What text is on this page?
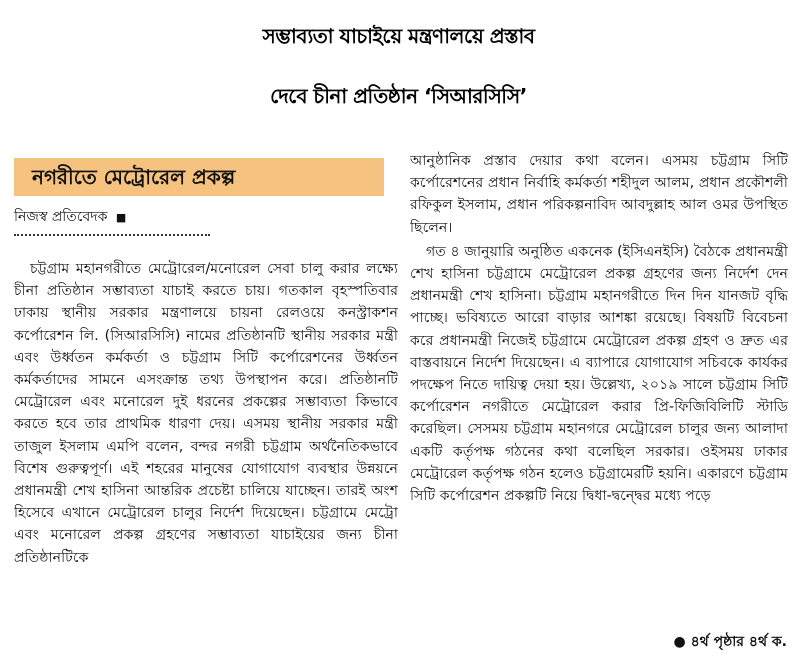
সম্ভাব্যতা যাচাইয়ে মন্ত্রণালয়ে প্রস্তাব
দেবে চীনা প্রতিষ্ঠান ‘সিআরসিসি’
নগরীতে মেট্রোরেল প্রকল্প
নিজস্ব প্রতিবেদক ■

চট্টগ্রাম মহানগরীতে মেট্রোরেল/মনোরেল সেবা চালু করার লক্ষ্যে চীনা প্রতিষ্ঠান সম্ভাব্যতা যাচাই করতে চায়। গতকাল বৃহস্পতিবার ঢাকায় স্থানীয় সরকার মন্ত্রণালয়ে চায়না রেলওয়ে কনস্ট্রাকশন কর্পোরেশন লি. (সিআরসিসি) নামের প্রতিষ্ঠানটি স্থানীয় সরকার মন্ত্রী এবং উর্ধ্বতন কর্মকর্তা ও চট্টগ্রাম সিটি কর্পোরেশনের উর্ধ্বতন কর্মকর্তাদের সামনে এসংক্রান্ত তথ্য উপস্থাপন করে। প্রতিষ্ঠানটি মেট্রোরেল এবং মনোরেল দুই ধরনের প্রকল্পের সম্ভাব্যতা কিভাবে করতে হবে তার প্রাথমিক ধারণা দেয়। এসময় স্থানীয় সরকার মন্ত্রী তাজুল ইসলাম এমপি বলেন, বন্দর নগরী চট্টগ্রাম অর্থনৈতিকভাবে বিশেষ গুরুত্বপূর্ণ। এই শহরের মানুষের যোগাযোগ ব্যবস্থার উন্নয়নে প্রধানমন্ত্রী শেখ হাসিনা আন্তরিক প্রচেষ্টা চালিয়ে যাচ্ছেন। তারই অংশ হিসেবে এখানে মেট্রোরেল চালুর নির্দেশ দিয়েছেন। চট্টগ্রামে মেট্রো এবং মনোরেল প্রকল্প গ্রহণের সম্ভাব্যতা যাচাইয়ের জন্য চীনা প্রতিষ্ঠানটিকে

আনুষ্ঠানিক প্রস্তাব দেয়ার কথা বলেন। এসময় চট্টগ্রাম সিটি কর্পোরেশনের প্রধান নির্বাহি কর্মকর্তা শহীদুল আলম, প্রধান প্রকৌশলী রফিকুল ইসলাম, প্রধান পরিকল্পনাবিদ আবদুল্লাহ আল ওমর উপস্থিত ছিলেন।

গত ৪ জানুয়ারি অনুষ্ঠিত একনেক (ইসিএনইসি) বৈঠকে প্রধানমন্ত্রী শেখ হাসিনা চট্টগ্রামে মেট্রোরেল প্রকল্প গ্রহণের জন্য নির্দেশ দেন প্রধানমন্ত্রী শেখ হাসিনা। চট্টগ্রাম মহানগরীতে দিন দিন যানজট বৃদ্ধি পাচ্ছে। ভবিষ্যতে আরো বাড়ার আশঙ্কা রয়েছে। বিষয়টি বিবেচনা করে প্রধানমন্ত্রী নিজেই চট্টগ্রামে মেট্রোরেল প্রকল্প গ্রহণ ও দ্রুত এর বাস্তবায়নে নির্দেশ দিয়েছেন। এ ব্যাপারে যোগাযোগ সচিবকে কার্যকর পদক্ষেপ নিতে দায়িত্ব দেয়া হয়। উল্লেখ্য, ২০১৯ সালে চট্টগ্রাম সিটি কর্পোরেশন নগরীতে মেট্রোরেল করার প্রি-ফিজিবিলিটি স্টাডি করেছিল। সেসময় চট্টগ্রাম মহানগরে মেট্রোরেল চালুর জন্য আলাদা একটি কর্তৃপক্ষ গঠনের কথা বলেছিল সরকার। ওইসময় ঢাকার মেট্রোরেল কর্তৃপক্ষ গঠন হলেও চট্টগ্রামেরটি হয়নি। একারণে চট্টগ্রাম সিটি কর্পোরেশন প্রকল্পটি নিয়ে দ্বিধা-দ্বন্দ্বের মধ্যে পড়ে

● ৪র্থ পৃষ্ঠার ৪র্থ ক.
